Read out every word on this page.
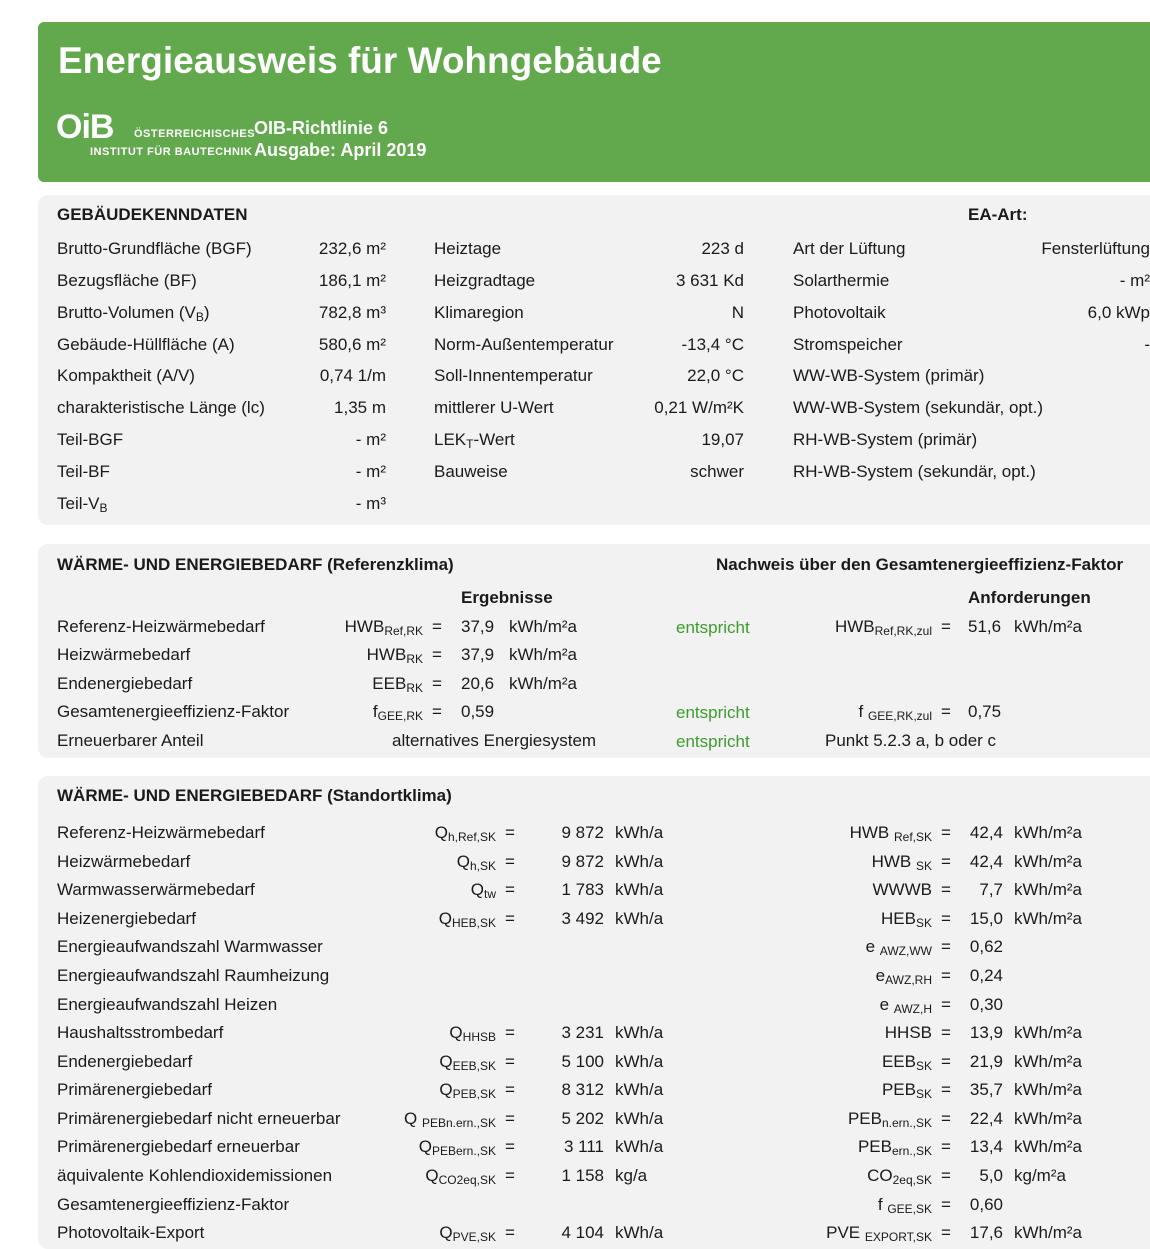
Energieausweis für Wohngebäude
OiB ÖSTERREICHISCHES
INSTITUT FÜR BAUTECHNIK
OIB-Richtlinie 6
Ausgabe: April 2019
GEBÄUDEKENNDATEN	EA-Art:
Brutto-Grundfläche (BGF)	232,6 m²
Bezugsfläche (BF)	186,1 m²
Brutto-Volumen $(V_B)$	782,8 m³
Gebäude-Hüllfläche (A)	580,6 m²
Kompaktheit (A/V)	0,74 1/m
charakteristische Länge (lc)	1,35 m
Teil-BGF	- m²
Teil-BF	- m²
Teil-$V_B$	- m³
Heiztage	223 d
Heizgradtage	3 631 Kd
Klimaregion	N
Norm-Außentemperatur	-13,4 °C
Soll-Innentemperatur	22,0 °C
mittlerer U-Wert	0,21 W/m²K
$LEK_T$-Wert	19,07
Bauweise	schwer
Art der Lüftung	Fensterlüftung
Solarthermie	- m²
Photovoltaik	6,0 kWp
Stromspeicher	-
WW-WB-System (primär)
WW-WB-System (sekundär, opt.)
RH-WB-System (primär)
RH-WB-System (sekundär, opt.)
WÄRME- UND ENERGIEBEDARF (Referenzklima)	Nachweis über den Gesamtenergieeffizienz-Faktor
Ergebnisse	Anforderungen
Referenz-Heizwärmebedarf	$HWB_{Ref,RK} = 37,9$ kWh/m²a	entspricht	$HWB_{Ref,RK,zul} = 51,6$ kWh/m²a
Heizwärmebedarf	$HWB_{RK} = 37,9$ kWh/m²a
Endenergiebedarf	$EEB_{RK} = 20,6$ kWh/m²a
Gesamtenergieeffizienz-Faktor	$f_{GEE,RK} = 0,59$	entspricht	f $_{GEE,RK,zul}$ = 0,75
Erneuerbarer Anteil	alternatives Energiesystem	entspricht	Punkt 5.2.3 a, b oder c
WÄRME- UND ENERGIEBEDARF (Standortklima)
Referenz-Heizwärmebedarf	$Q_{h,Ref,SK}$ =	9 872 kWh/a	HWB $_{Ref,SK}$ = 42,4 kWh/m²a
Heizwärmebedarf	$Q_{h,SK}$ =	9 872 kWh/a	HWB $_{SK}$ = 42,4 kWh/m²a
Warmwasserwärmebedarf	$Q_{tw}$ =	1 783 kWh/a	WWWB = 7,7 kWh/m²a
Heizenergiebedarf	$Q_{HEB,SK}$ =	3 492 kWh/a	$HEB_{SK} = 15,0$ kWh/m²a
Energieaufwandszahl Warmwasser	e $_{AWZ,WW}$ = 0,62
Energieaufwandszahl Raumheizung	$e_{AWZ,RH} = 0,24$
Energieaufwandszahl Heizen	e $_{AWZ,H}$ = 0,30
Haushaltsstrombedarf	$Q_{HHSB}$ =	3 231 kWh/a	HHSB = 13,9 kWh/m²a
Endenergiebedarf	$Q_{EEB,SK}$ =	5 100 kWh/a	$EEB_{SK} = 21,9$ kWh/m²a
Primärenergiebedarf	$Q_{PEB,SK}$ =	8 312 kWh/a	$PEB_{SK} = 35,7$ kWh/m²a
Primärenergiebedarf nicht erneuerbar	Q $_{PEBn.ern.,SK}$ =	5 202 kWh/a	$PEB_{n.ern.,SK} = 22,4$ kWh/m²a
Primärenergiebedarf erneuerbar	$Q_{PEBern.,SK}$ =	3 111 kWh/a	$PEB_{ern.,SK} = 13,4$ kWh/m²a
äquivalente Kohlendioxidemissionen	$Q_{CO2eq,SK}$ =	1 158 kg/a	$CO_{2eq,SK} = 5,0$ kg/m²a
Gesamtenergieeffizienz-Faktor	f $_{GEE,SK}$ = 0,60
Photovoltaik-Export	$Q_{PVE,SK}$ =	4 104 kWh/a	PVE $_{EXPORT,SK}$ = 17,6 kWh/m²a
